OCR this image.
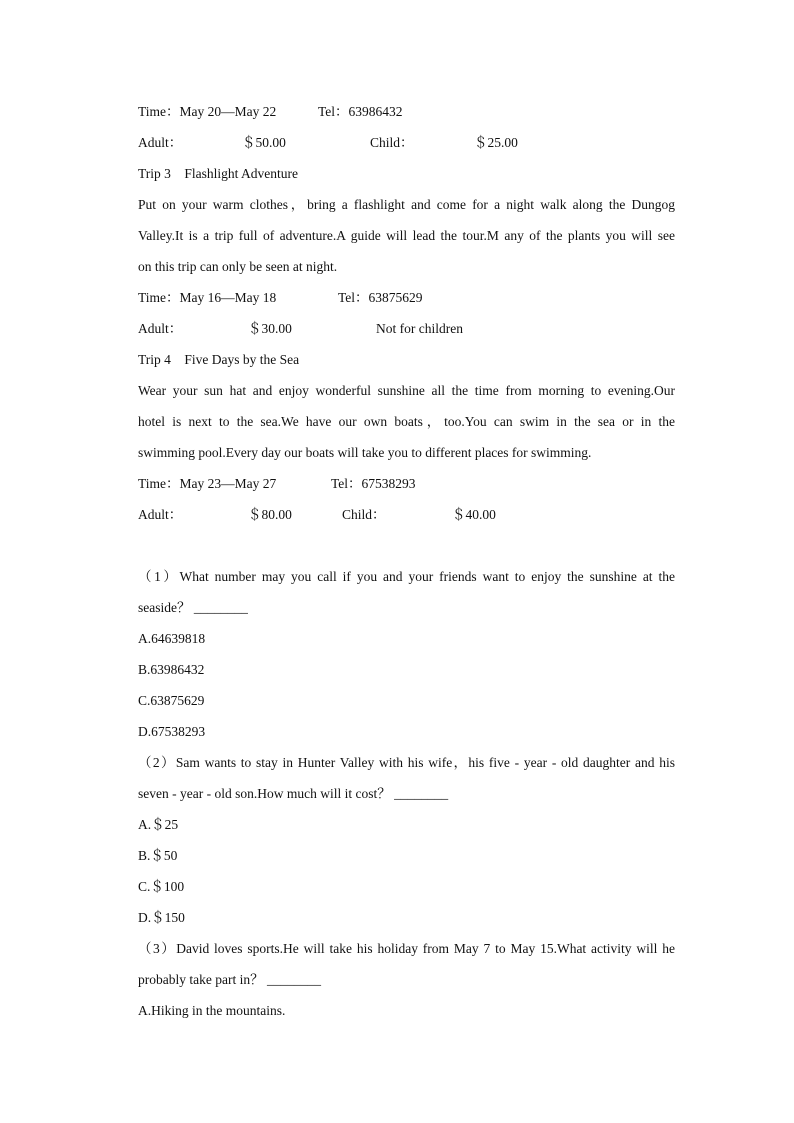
Time：May 20—May 22	Tel：63986432
Adult：	＄50.00	Child：	＄25.00
Trip 3　Flashlight Adventure
Put on your warm clothes，bring a flashlight and come for a night walk along the Dungog
Valley.It is a trip full of adventure.A guide will lead the tour.M any of the plants you will see
on this trip can only be seen at night.
Time：May 16—May 18	Tel：63875629
Adult：	＄30.00	Not for children
Trip 4　Five Days by the Sea
Wear your sun hat and enjoy wonderful sunshine all the time from morning to evening.Our
hotel is next to the sea.We have our own boats，too.You can swim in the sea or in the
swimming pool.Every day our boats will take you to different places for swimming.
Time：May 23—May 27	Tel：67538293
Adult：	＄80.00	Child：	＄40.00
（1）What number may you call if you and your friends want to enjoy the sunshine at the
seaside？ ________
A.64639818
B.63986432
C.63875629
D.67538293
（2）Sam wants to stay in Hunter Valley with his wife，his five - year - old daughter and his
seven - year - old son.How much will it cost？ ________
A.＄25
B.＄50
C.＄100
D.＄150
（3）David loves sports.He will take his holiday from May 7 to May 15.What activity will he
probably take part in？ ________
A.Hiking in the mountains.
